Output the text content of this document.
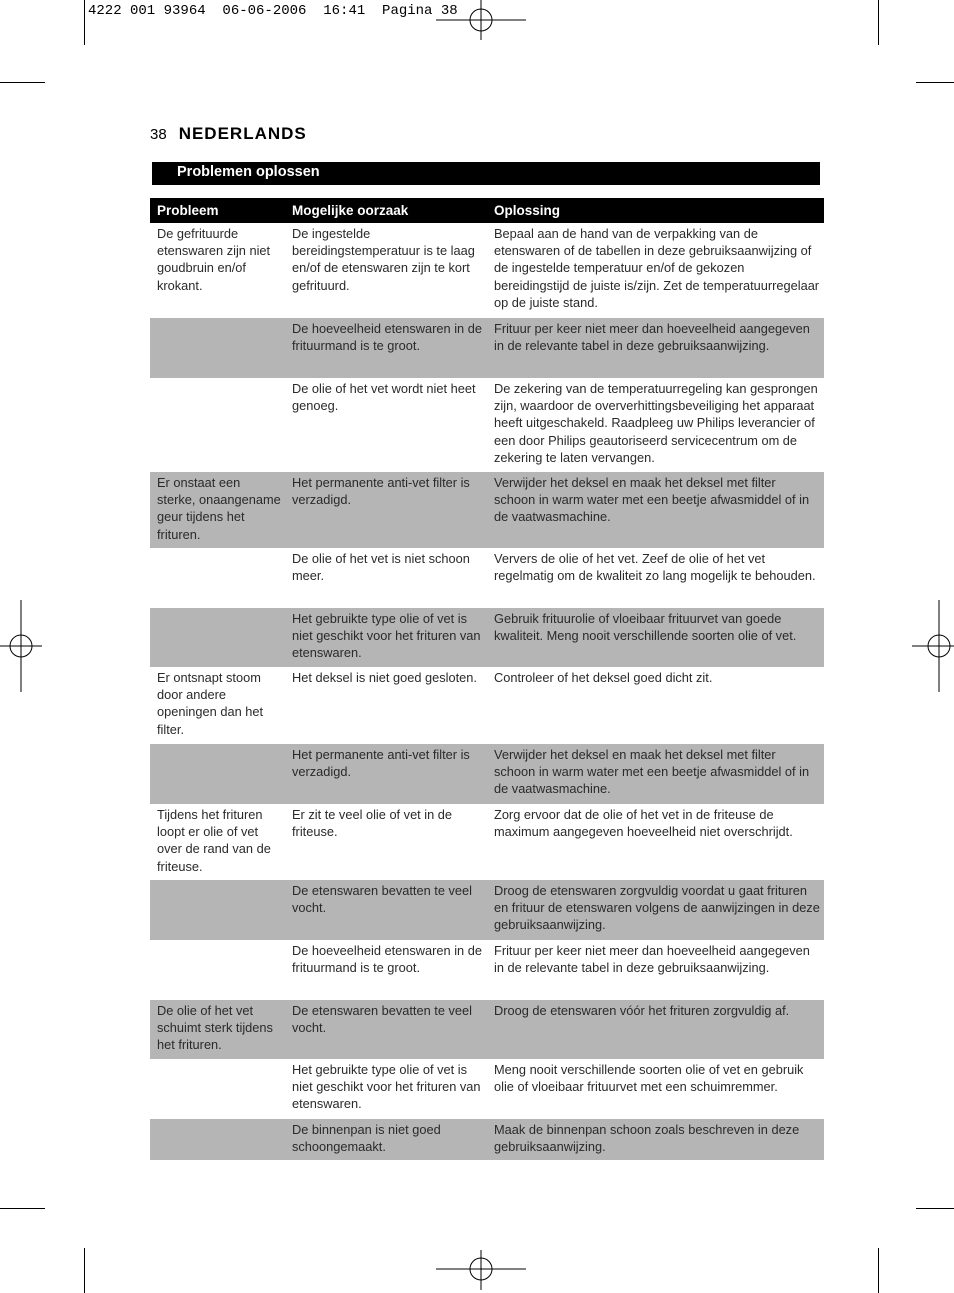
4222 001 93964  06-06-2006  16:41  Pagina 38
38 NEDERLANDS
Problemen oplossen
Probleem	Mogelijke oorzaak	Oplossing
De gefrituurde etenswaren zijn niet goudbruin en/of krokant.	De ingestelde bereidingstemperatuur is te laag en/of de etenswaren zijn te kort gefrituurd.	Bepaal aan de hand van de verpakking van de etenswaren of de tabellen in deze gebruiksaanwijzing of de ingestelde temperatuur en/of de gekozen bereidingstijd de juiste is/zijn. Zet de temperatuurregelaar op de juiste stand.
	De hoeveelheid etenswaren in de frituurmand is te groot.	Frituur per keer niet meer dan hoeveelheid aangegeven in de relevante tabel in deze gebruiksaanwijzing.
	De olie of het vet wordt niet heet genoeg.	De zekering van de temperatuurregeling kan gesprongen zijn, waardoor de oververhittingsbeveiliging het apparaat heeft uitgeschakeld. Raadpleeg uw Philips leverancier of een door Philips geautoriseerd servicecentrum om de zekering te laten vervangen.
Er onstaat een sterke, onaangename geur tijdens het frituren.	Het permanente anti-vet filter is verzadigd.	Verwijder het deksel en maak het deksel met filter schoon in warm water met een beetje afwasmiddel of in de vaatwasmachine.
	De olie of het vet is niet schoon meer.	Ververs de olie of het vet. Zeef de olie of het vet regelmatig om de kwaliteit zo lang mogelijk te behouden.
	Het gebruikte type olie of vet is niet geschikt voor het frituren van etenswaren.	Gebruik frituurolie of vloeibaar frituurvet van goede kwaliteit. Meng nooit verschillende soorten olie of vet.
Er ontsnapt stoom door andere openingen dan het filter.	Het deksel is niet goed gesloten.	Controleer of het deksel goed dicht zit.
	Het permanente anti-vet filter is verzadigd.	Verwijder het deksel en maak het deksel met filter schoon in warm water met een beetje afwasmiddel of in de vaatwasmachine.
Tijdens het frituren loopt er olie of vet over de rand van de friteuse.	Er zit te veel olie of vet in de friteuse.	Zorg ervoor dat de olie of het vet in de friteuse de maximum aangegeven hoeveelheid niet overschrijdt.
	De etenswaren bevatten te veel vocht.	Droog de etenswaren zorgvuldig voordat u gaat frituren en frituur de etenswaren volgens de aanwijzingen in deze gebruiksaanwijzing.
	De hoeveelheid etenswaren in de frituurmand is te groot.	Frituur per keer niet meer dan hoeveelheid aangegeven in de relevante tabel in deze gebruiksaanwijzing.
De olie of het vet schuimt sterk tijdens het frituren.	De etenswaren bevatten te veel vocht.	Droog de etenswaren vóór het frituren zorgvuldig af.
	Het gebruikte type olie of vet is niet geschikt voor het frituren van etenswaren.	Meng nooit verschillende soorten olie of vet en gebruik olie of vloeibaar frituurvet met een schuimremmer.
	De binnenpan is niet goed schoongemaakt.	Maak de binnenpan schoon zoals beschreven in deze gebruiksaanwijzing.
